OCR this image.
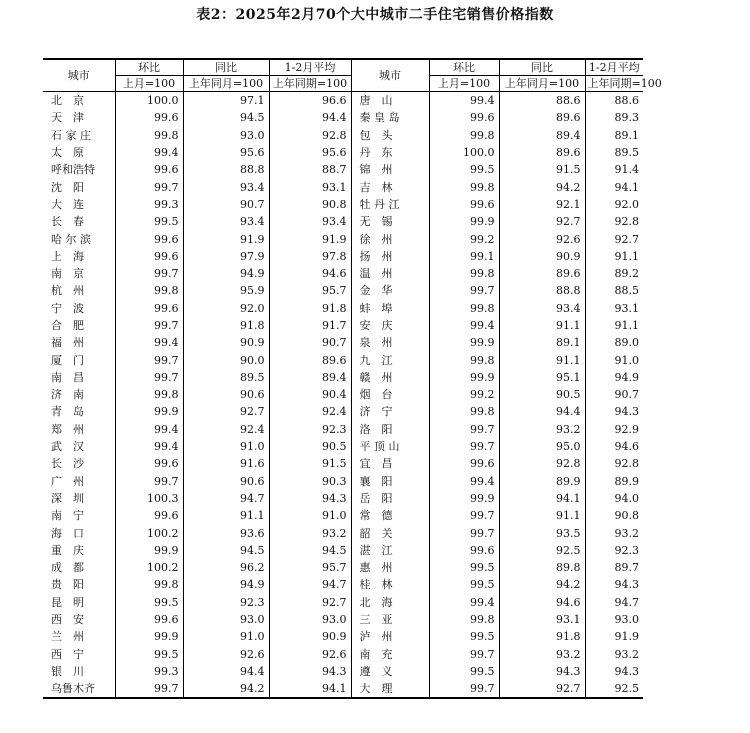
表2：2025年2月70个大中城市二手住宅销售价格指数
城市	环比	同比	1-2月平均	城市	环比	同比	1-2月平均
	上月=100	上年同月=100	上年同期=100		上月=100	上年同月=100	上年同期=100
北　京	100.0	97.1	96.6	唐　山	99.4	88.6	88.6
天　津	99.6	94.5	94.4	秦 皇 岛	99.6	89.6	89.3
石 家 庄	99.8	93.0	92.8	包　头	99.8	89.4	89.1
太　原	99.4	95.6	95.6	丹　东	100.0	89.6	89.5
呼和浩特	99.6	88.8	88.7	锦　州	99.5	91.5	91.4
沈　阳	99.7	93.4	93.1	吉　林	99.8	94.2	94.1
大　连	99.3	90.7	90.8	牡 丹 江	99.6	92.1	92.0
长　春	99.5	93.4	93.4	无　锡	99.9	92.7	92.8
哈 尔 滨	99.6	91.9	91.9	徐　州	99.2	92.6	92.7
上　海	99.6	97.9	97.8	扬　州	99.1	90.9	91.1
南　京	99.7	94.9	94.6	温　州	99.8	89.6	89.2
杭　州	99.8	95.9	95.7	金　华	99.7	88.8	88.5
宁　波	99.6	92.0	91.8	蚌　埠	99.8	93.4	93.1
合　肥	99.7	91.8	91.7	安　庆	99.4	91.1	91.1
福　州	99.4	90.9	90.7	泉　州	99.9	89.1	89.0
厦　门	99.7	90.0	89.6	九　江	99.8	91.1	91.0
南　昌	99.7	89.5	89.4	赣　州	99.9	95.1	94.9
济　南	99.8	90.6	90.4	烟　台	99.2	90.5	90.7
青　岛	99.9	92.7	92.4	济　宁	99.8	94.4	94.3
郑　州	99.4	92.4	92.3	洛　阳	99.7	93.2	92.9
武　汉	99.4	91.0	90.5	平 顶 山	99.7	95.0	94.6
长　沙	99.6	91.6	91.5	宜　昌	99.6	92.8	92.8
广　州	99.7	90.6	90.3	襄　阳	99.4	89.9	89.9
深　圳	100.3	94.7	94.3	岳　阳	99.9	94.1	94.0
南　宁	99.6	91.1	91.0	常　德	99.7	91.1	90.8
海　口	100.2	93.6	93.2	韶　关	99.7	93.5	93.2
重　庆	99.9	94.5	94.5	湛　江	99.6	92.5	92.3
成　都	100.2	96.2	95.7	惠　州	99.5	89.8	89.7
贵　阳	99.8	94.9	94.7	桂　林	99.5	94.2	94.3
昆　明	99.5	92.3	92.7	北　海	99.4	94.6	94.7
西　安	99.6	93.0	93.0	三　亚	99.8	93.1	93.0
兰　州	99.9	91.0	90.9	泸　州	99.5	91.8	91.9
西　宁	99.5	92.6	92.6	南　充	99.7	93.2	93.2
银　川	99.3	94.4	94.3	遵　义	99.5	94.3	94.3
乌鲁木齐	99.7	94.2	94.1	大　理	99.7	92.7	92.5
